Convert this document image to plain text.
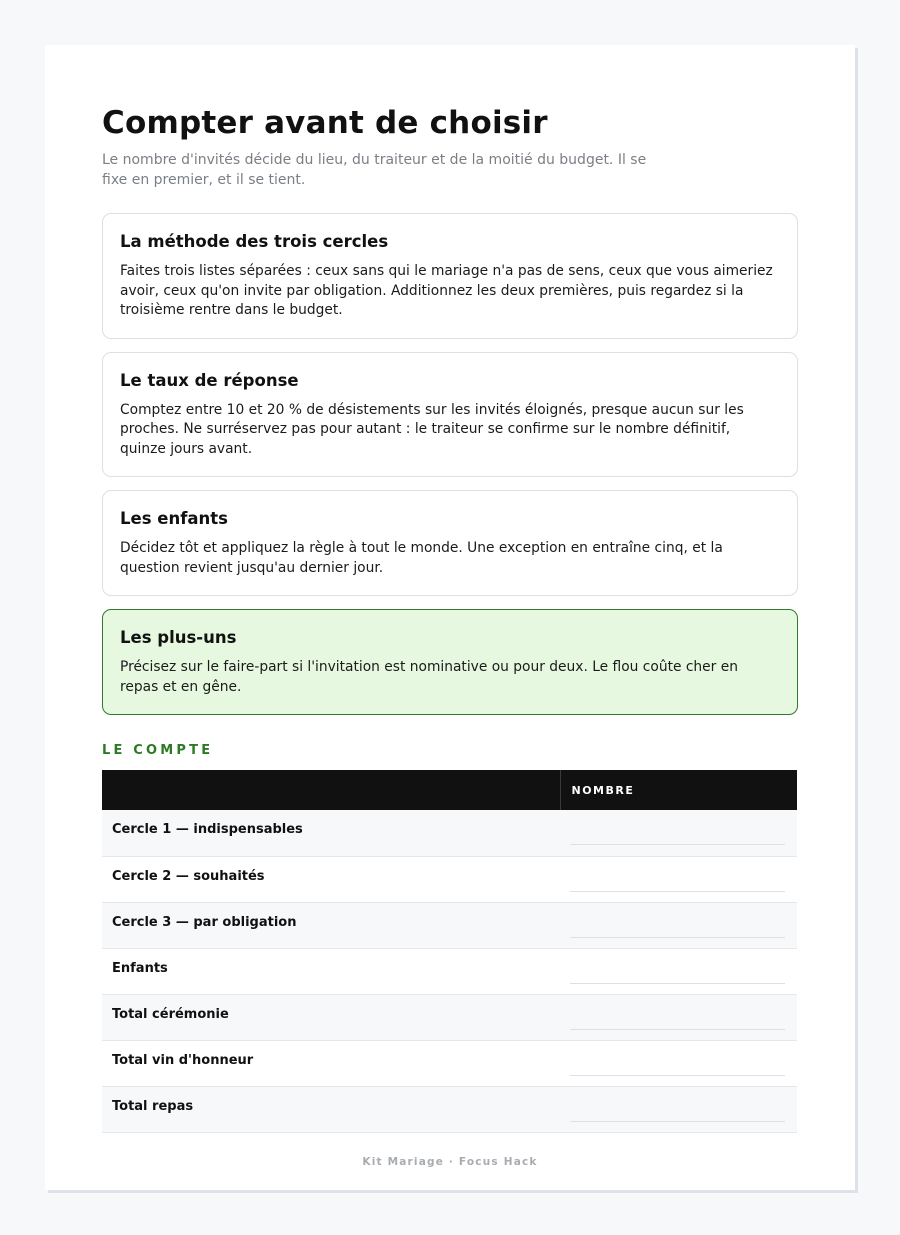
Compter avant de choisir

Le nombre d'invités décide du lieu, du traiteur et de la moitié du budget. Il se fixe en premier, et il se tient.

La méthode des trois cercles
Faites trois listes séparées : ceux sans qui le mariage n'a pas de sens, ceux que vous aimeriez avoir, ceux qu'on invite par obligation. Additionnez les deux premières, puis regardez si la troisième rentre dans le budget.
Le taux de réponse
Comptez entre 10 et 20 % de désistements sur les invités éloignés, presque aucun sur les proches. Ne surréservez pas pour autant : le traiteur se confirme sur le nombre définitif, quinze jours avant.
Les enfants
Décidez tôt et appliquez la règle à tout le monde. Une exception en entraîne cinq, et la question revient jusqu'au dernier jour.
Les plus-uns
Précisez sur le faire-part si l'invitation est nominative ou pour deux. Le flou coûte cher en repas et en gêne.
LE COMPTE
	NOMBRE
Cercle 1 — indispensables	

Cercle 2 — souhaités	

Cercle 3 — par obligation	

Enfants	

Total cérémonie	

Total vin d'honneur	

Total repas	
Kit Mariage · Focus Hack
